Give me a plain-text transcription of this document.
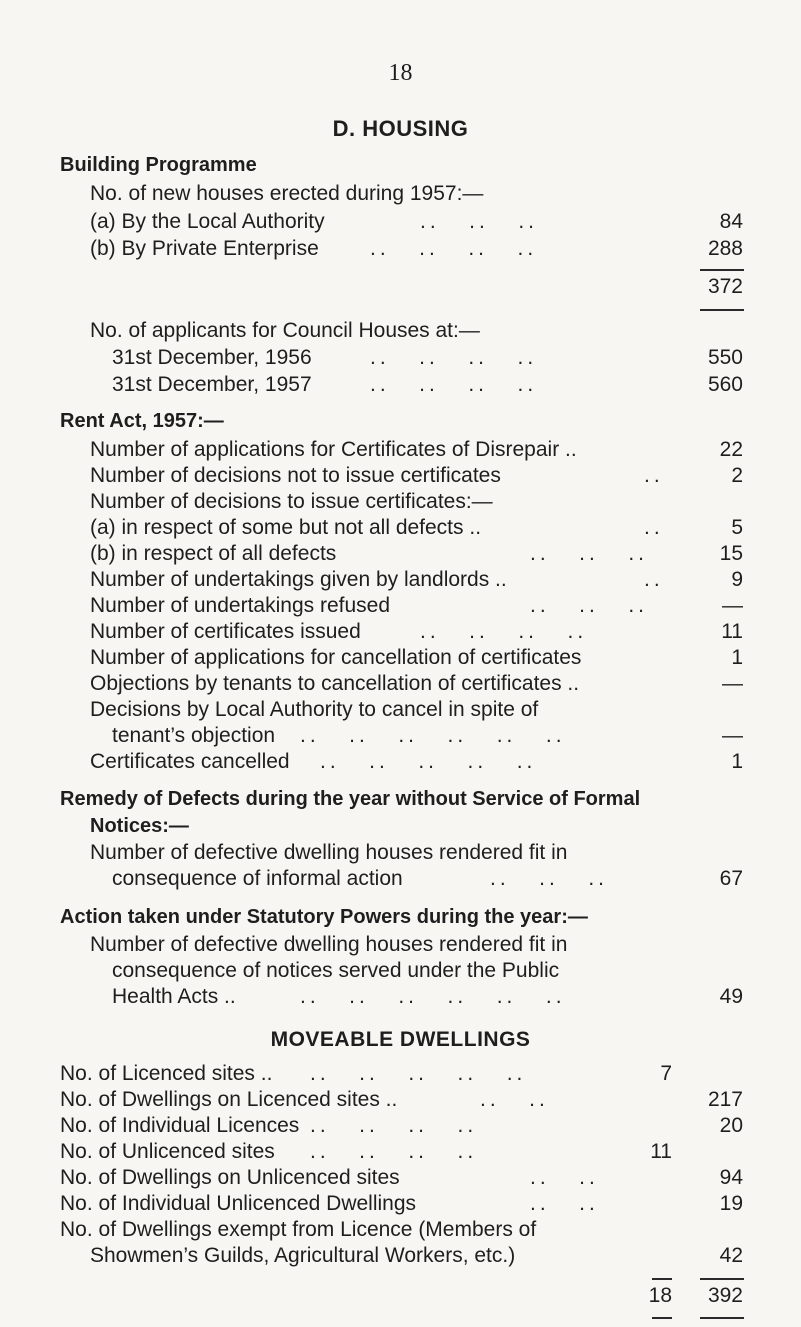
18
D. HOUSING
Building Programme
No. of new houses erected during 1957:—
(a) By the Local Authority	..   ..   ..	84
(b) By Private Enterprise ..   ..   ..   ..	288
372
No. of applicants for Council Houses at:—
31st December, 1956	..   ..   ..   ..	550
31st December, 1957	..   ..   ..   ..	560
Rent Act, 1957:—
Number of applications for Certificates of Disrepair ..	22
Number of decisions not to issue certificates	..	2
Number of decisions to issue certificates:—
(a) in respect of some but not all defects ..	..	5
(b) in respect of all defects	..   ..   ..	15
Number of undertakings given by landlords ..	..	9
Number of undertakings refused	..   ..   ..	—
Number of certificates issued	..   ..   ..   ..	11
Number of applications for cancellation of certificates	1
Objections by tenants to cancellation of certificates ..	—
Decisions by Local Authority to cancel in spite of
tenant’s objection ..   ..   ..   ..   ..   ..	—
Certificates cancelled ..   ..   ..   ..   ..	1
Remedy of Defects during the year without Service of Formal
Notices:—
Number of defective dwelling houses rendered fit in
consequence of informal action	..   ..   ..	67
Action taken under Statutory Powers during the year:—
Number of defective dwelling houses rendered fit in
consequence of notices served under the Public
Health Acts ..	..   ..   ..   ..   ..   ..	49
MOVEABLE DWELLINGS
No. of Licenced sites .. ..   ..   ..   ..   ..	7
No. of Dwellings on Licenced sites ..	..   ..	217
No. of Individual Licences ..   ..   ..   ..	20
No. of Unlicenced sites ..   ..   ..   ..	11
No. of Dwellings on Unlicenced sites	..   ..	94
No. of Individual Unlicenced Dwellings	..   ..	19
No. of Dwellings exempt from Licence (Members of
Showmen’s Guilds, Agricultural Workers, etc.)	42
18	392
